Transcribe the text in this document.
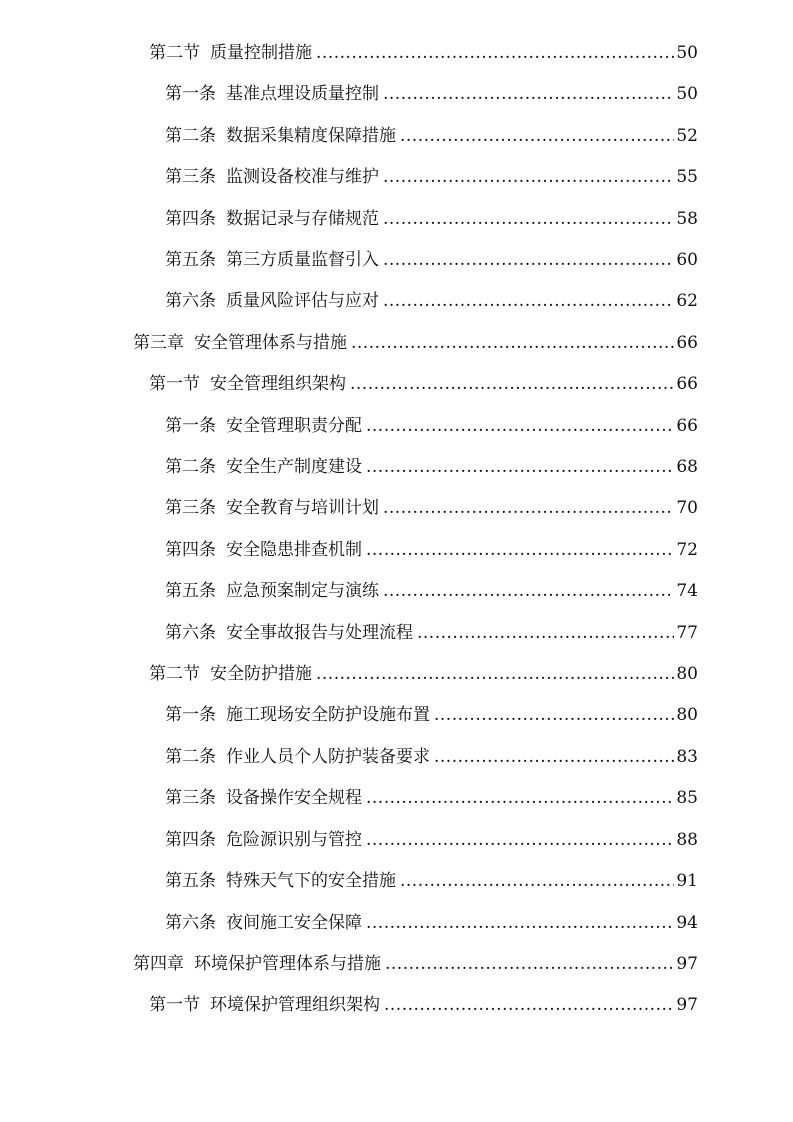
第二节 质量控制措施 .....	50
第一条 基准点埋设质量控制 .....	50
第二条 数据采集精度保障措施 .....	52
第三条 监测设备校准与维护 .....	55
第四条 数据记录与存储规范 .....	58
第五条 第三方质量监督引入 .....	60
第六条 质量风险评估与应对 .....	62
第三章 安全管理体系与措施 .....	66
第一节 安全管理组织架构 .....	66
第一条 安全管理职责分配 .....	66
第二条 安全生产制度建设 .....	68
第三条 安全教育与培训计划 .....	70
第四条 安全隐患排查机制 .....	72
第五条 应急预案制定与演练 .....	74
第六条 安全事故报告与处理流程 .....	77
第二节 安全防护措施 .....	80
第一条 施工现场安全防护设施布置 .....	80
第二条 作业人员个人防护装备要求 .....	83
第三条 设备操作安全规程 .....	85
第四条 危险源识别与管控 .....	88
第五条 特殊天气下的安全措施 .....	91
第六条 夜间施工安全保障 .....	94
第四章 环境保护管理体系与措施 .....	97
第一节 环境保护管理组织架构 .....	97
